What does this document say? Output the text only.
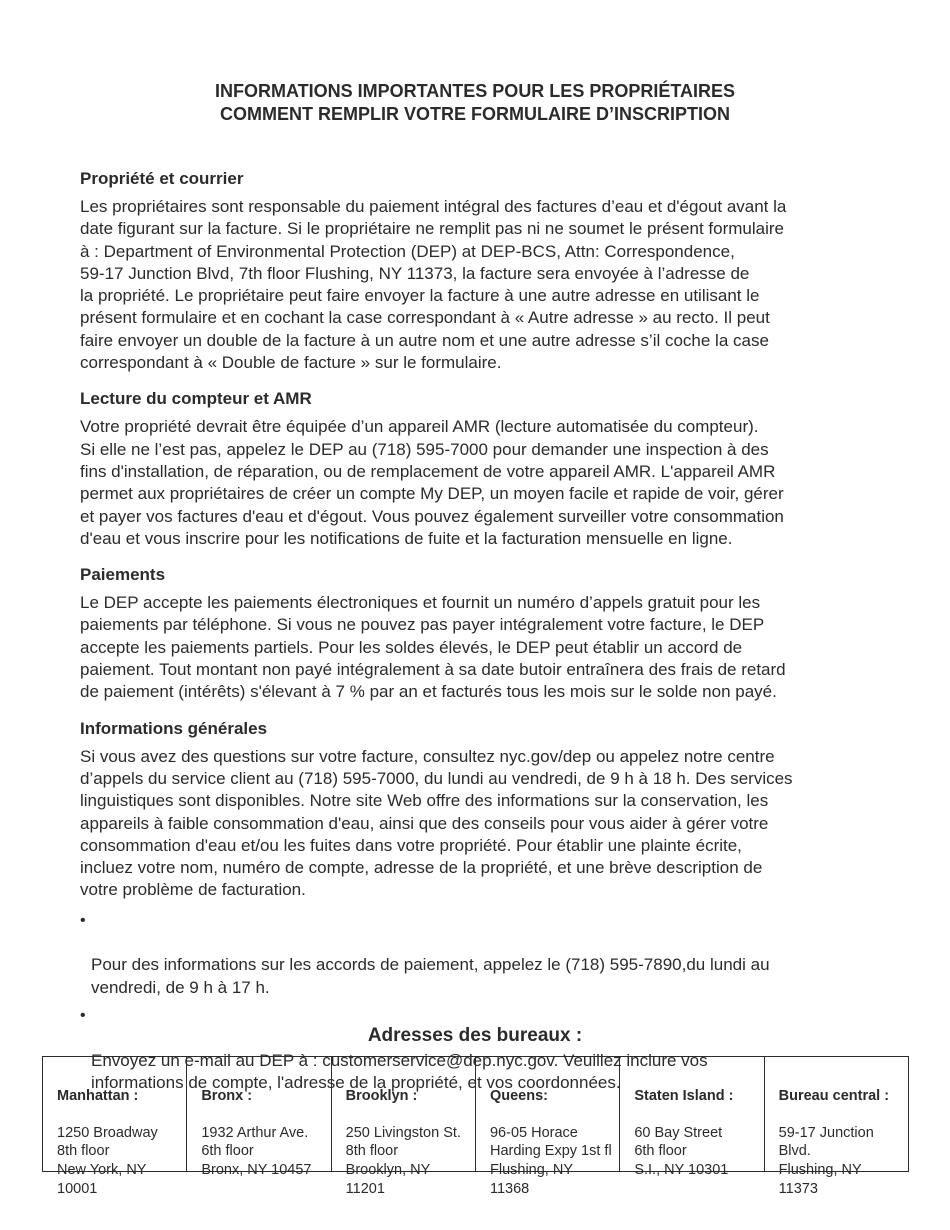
INFORMATIONS IMPORTANTES POUR LES PROPRIÉTAIRES
COMMENT REMPLIR VOTRE FORMULAIRE D’INSCRIPTION
Propriété et courrier
Les propriétaires sont responsable du paiement intégral des factures d’eau et d'égout avant la
date figurant sur la facture. Si le propriétaire ne remplit pas ni ne soumet le présent formulaire
à : Department of Environmental Protection (DEP) at DEP-BCS, Attn: Correspondence,
59-17 Junction Blvd, 7th floor Flushing, NY 11373, la facture sera envoyée à l’adresse de
la propriété. Le propriétaire peut faire envoyer la facture à une autre adresse en utilisant le
présent formulaire et en cochant la case correspondant à « Autre adresse » au recto. Il peut
faire envoyer un double de la facture à un autre nom et une autre adresse s’il coche la case
correspondant à « Double de facture » sur le formulaire.
Lecture du compteur et AMR
Votre propriété devrait être équipée d’un appareil AMR (lecture automatisée du compteur).
Si elle ne l’est pas, appelez le DEP au (718) 595-7000 pour demander une inspection à des
fins d'installation, de réparation, ou de remplacement de votre appareil AMR. L'appareil AMR
permet aux propriétaires de créer un compte My DEP, un moyen facile et rapide de voir, gérer
et payer vos factures d'eau et d'égout. Vous pouvez également surveiller votre consommation
d'eau et vous inscrire pour les notifications de fuite et la facturation mensuelle en ligne.
Paiements
Le DEP accepte les paiements électroniques et fournit un numéro d’appels gratuit pour les
paiements par téléphone. Si vous ne pouvez pas payer intégralement votre facture, le DEP
accepte les paiements partiels. Pour les soldes élevés, le DEP peut établir un accord de
paiement. Tout montant non payé intégralement à sa date butoir entraînera des frais de retard
de paiement (intérêts) s'élevant à 7 % par an et facturés tous les mois sur le solde non payé.
Informations générales
Si vous avez des questions sur votre facture, consultez nyc.gov/dep ou appelez notre centre
d’appels du service client au (718) 595-7000, du lundi au vendredi, de 9 h à 18 h. Des services
linguistiques sont disponibles. Notre site Web offre des informations sur la conservation, les
appareils à faible consommation d'eau, ainsi que des conseils pour vous aider à gérer votre
consommation d'eau et/ou les fuites dans votre propriété. Pour établir une plainte écrite,
incluez votre nom, numéro de compte, adresse de la propriété, et une brève description de
votre problème de facturation.

•

Pour des informations sur les accords de paiement, appelez le (718) 595-7890,du lundi au
vendredi, de 9 h à 17 h.

•

Envoyez un e-mail au DEP à : customerservice@dep.nyc.gov. Veuillez inclure vos
informations de compte, l'adresse de la propriété, et vos coordonnées.

Adresses des bureaux :

Manhattan :

1250 Broadway
8th floor
New York, NY
10001

Bronx :

1932 Arthur Ave.
6th floor
Bronx, NY 10457

Brooklyn :

250 Livingston St.
8th floor
Brooklyn, NY
11201

Queens:

96-05 Horace
Harding Expy 1st fl
Flushing, NY
11368

Staten Island :

60 Bay Street
6th floor
S.I., NY 10301

Bureau central :

59-17 Junction
Blvd.
Flushing, NY
11373
